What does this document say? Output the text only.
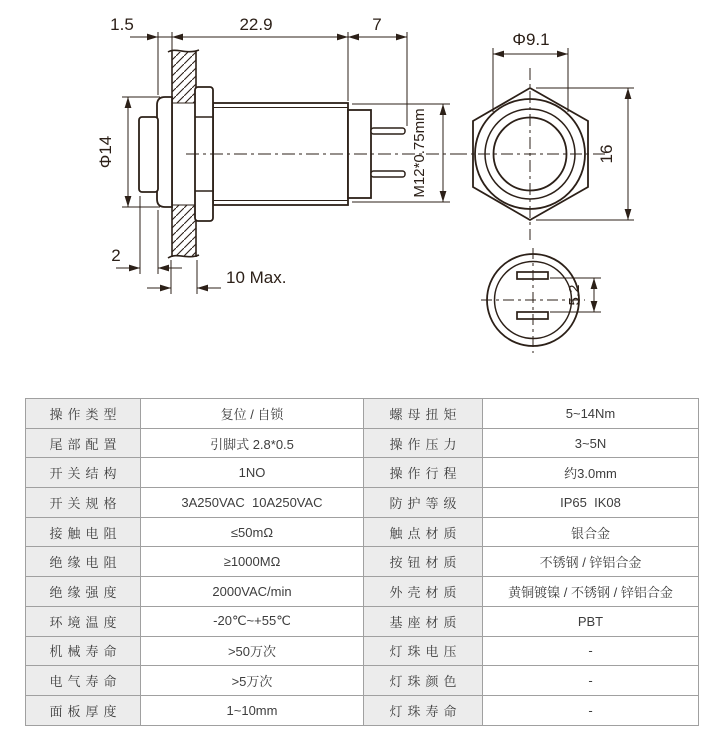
1.5	22.9	7
Φ14	M12*0.75mm
2
10 Max.
Φ9.1
16
5.2
操作类型	复位 / 自锁	螺母扭矩	5~14Nm
尾部配置	引脚式 2.8*0.5	操作压力	3~5N
开关结构	1NO	操作行程	约3.0mm
开关规格	3A250VAC  10A250VAC	防护等级	IP65  IK08
接触电阻	≤50mΩ	触点材质	银合金
绝缘电阻	≥1000MΩ	按钮材质	不锈钢 / 锌铝合金
绝缘强度	2000VAC/min	外壳材质	黄铜镀镍 / 不锈钢 / 锌铝合金
环境温度	-20℃~+55℃	基座材质	PBT
机械寿命	>50万次	灯珠电压	-
电气寿命	>5万次	灯珠颜色	-
面板厚度	1~10mm	灯珠寿命	-
